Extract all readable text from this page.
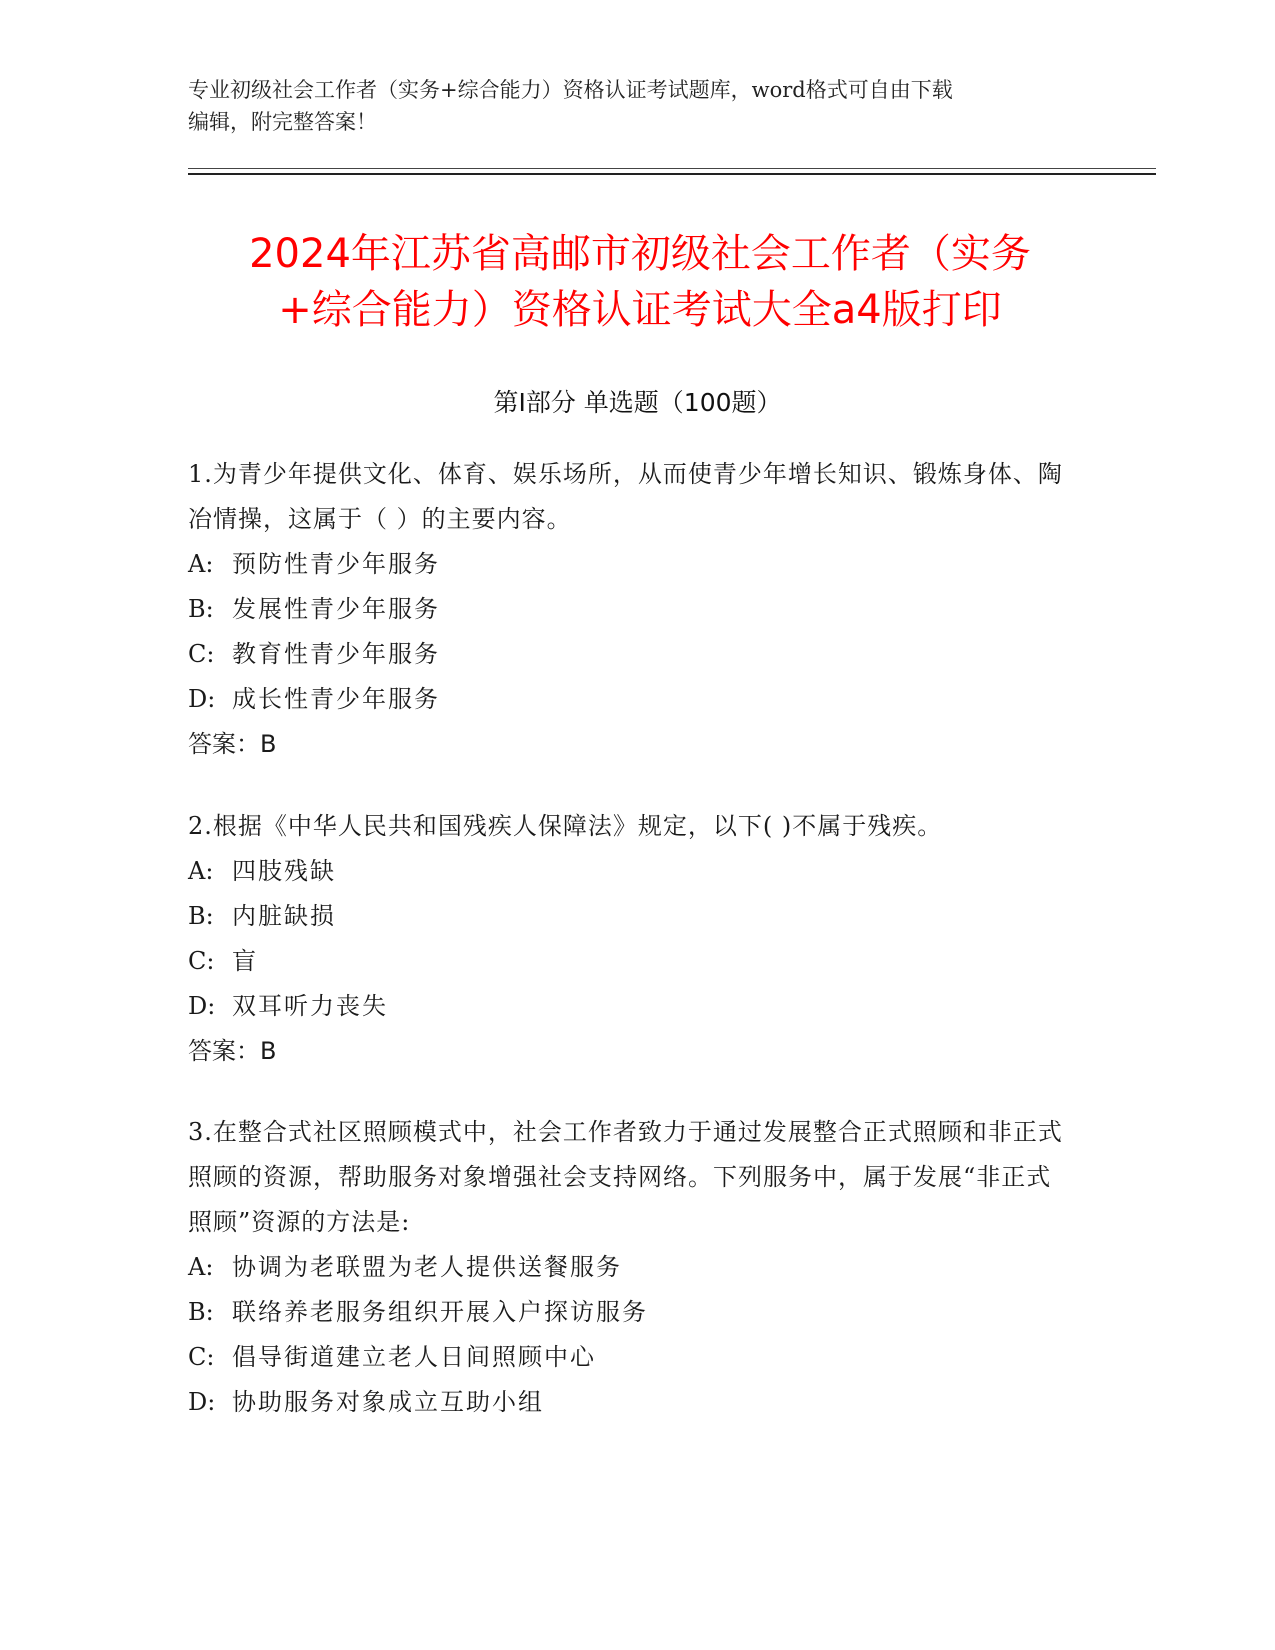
专业初级社会工作者（实务+综合能力）资格认证考试题库，word格式可自由下载
编辑，附完整答案！
2024年江苏省高邮市初级社会工作者（实务
+综合能力）资格认证考试大全a4版打印
第Ⅰ部分 单选题（100题）
1.为青少年提供文化、体育、娱乐场所，从而使青少年增长知识、锻炼身体、陶冶情操，这属于（ ）的主要内容。
A: 预防性青少年服务
B: 发展性青少年服务
C: 教育性青少年服务
D: 成长性青少年服务
答案：B
2.根据《中华人民共和国残疾人保障法》规定，以下( )不属于残疾。
A: 四肢残缺
B: 内脏缺损
C: 盲
D: 双耳听力丧失
答案：B
3.在整合式社区照顾模式中，社会工作者致力于通过发展整合正式照顾和非正式照顾的资源，帮助服务对象增强社会支持网络。下列服务中，属于发展“非正式照顾”资源的方法是:
A: 协调为老联盟为老人提供送餐服务
B: 联络养老服务组织开展入户探访服务
C: 倡导街道建立老人日间照顾中心
D: 协助服务对象成立互助小组
